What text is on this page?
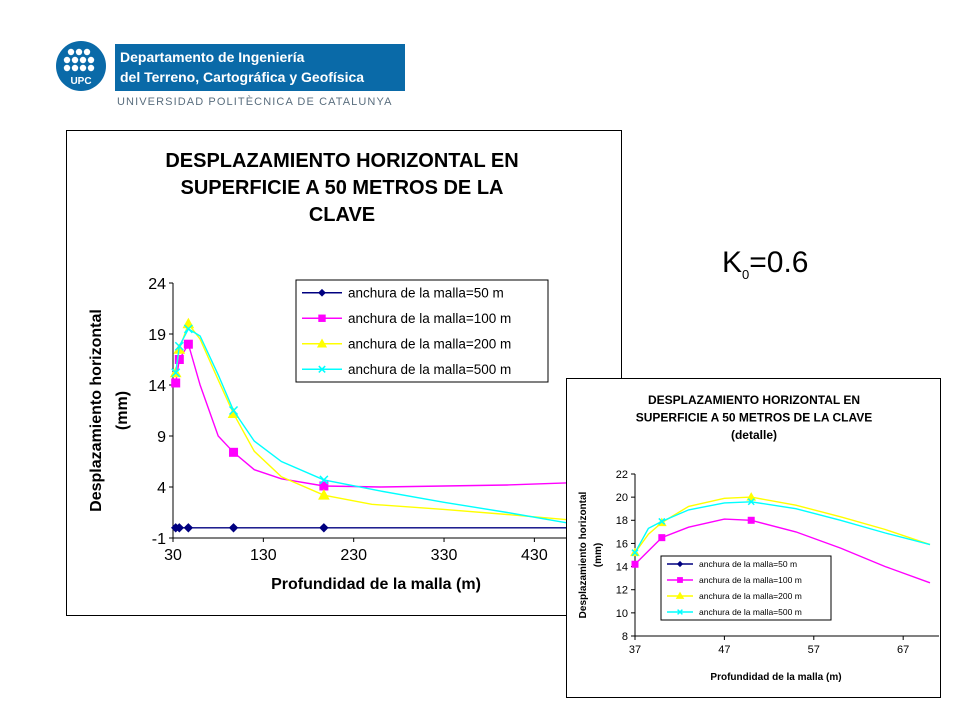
UPC
Departamento de Ingeniería
del Terreno, Cartográfica y Geofísica
UNIVERSIDAD POLITÈCNICA DE CATALUNYA
$K_0=0.6$
DESPLAZAMIENTO HORIZONTAL EN
SUPERFICIE A 50 METROS DE LA
CLAVE
-1
4
9
14
19
24
30	130	230	330	430
Profundidad de la malla (m)
Desplazamiento horizontal (mm)
anchura de la malla=50 m
anchura de la malla=100 m
anchura de la malla=200 m
anchura de la malla=500 m
DESPLAZAMIENTO HORIZONTAL EN
SUPERFICIE A 50 METROS DE LA CLAVE
(detalle)
8
10
12
14
16
18
20
22
37	47	57	67
Profundidad de la malla (m)
Desplazamiento horizontal (mm)	anchura de la malla=50 m
anchura de la malla=100 m
anchura de la malla=200 m
anchura de la malla=500 m
